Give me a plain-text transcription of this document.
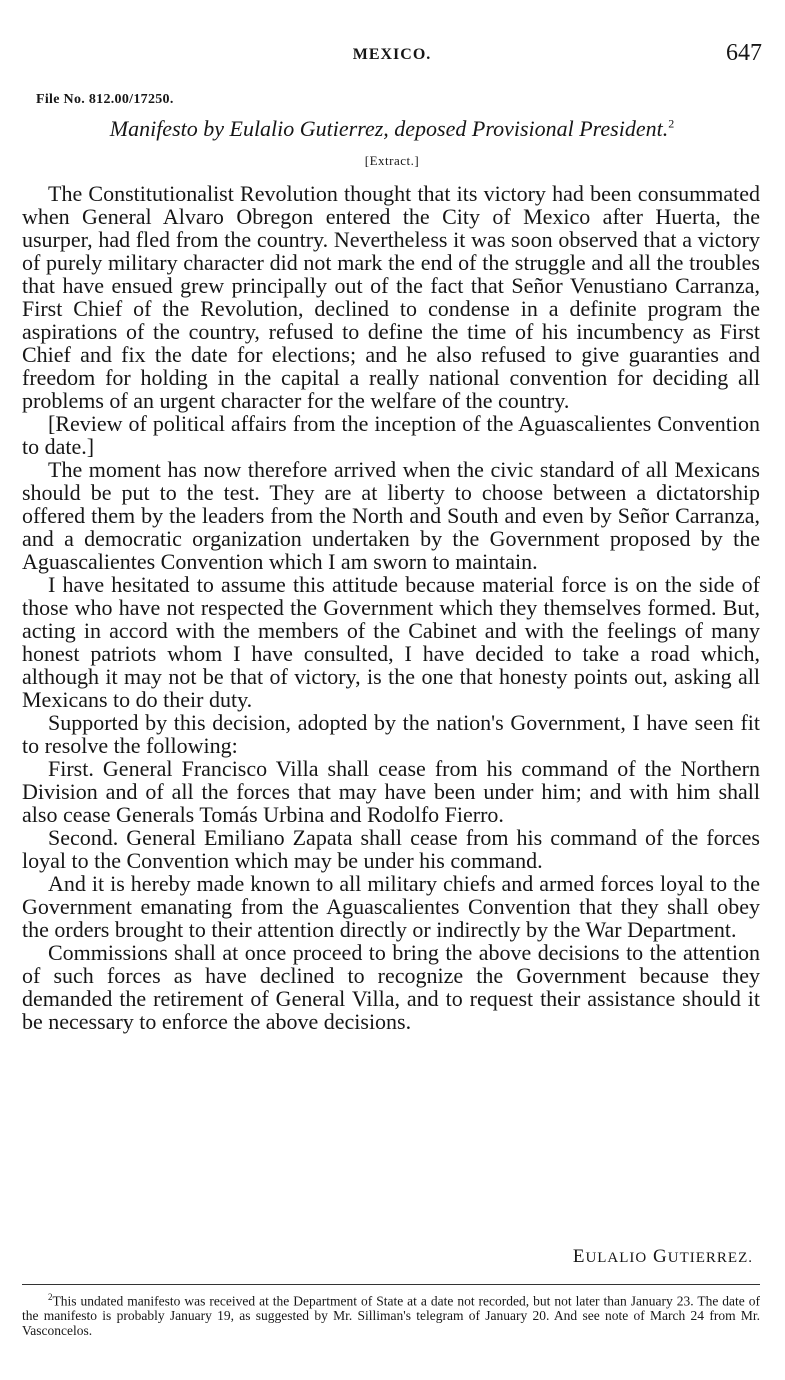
MEXICO.	647
File No. 812.00/17250.
Manifesto by Eulalio Gutierrez, deposed Provisional President.$^2$
[Extract.]

The Constitutionalist Revolution thought that its victory had been consummated when General Alvaro Obregon entered the City of Mexico after Huerta, the usurper, had fled from the country. Nevertheless it was soon observed that a victory of purely military character did not mark the end of the struggle and all the troubles that have ensued grew principally out of the fact that Señor Venustiano Carranza, First Chief of the Revolution, declined to condense in a definite program the aspirations of the country, refused to define the time of his incumbency as First Chief and fix the date for elections; and he also refused to give guaranties and freedom for holding in the capital a really national convention for deciding all problems of an urgent character for the welfare of the country.

[Review of political affairs from the inception of the Aguascalientes Convention to date.]

The moment has now therefore arrived when the civic standard of all Mexicans should be put to the test. They are at liberty to choose between a dictatorship offered them by the leaders from the North and South and even by Señor Carranza, and a democratic organization undertaken by the Government proposed by the Aguascalientes Convention which I am sworn to maintain.

I have hesitated to assume this attitude because material force is on the side of those who have not respected the Government which they themselves formed. But, acting in accord with the members of the Cabinet and with the feelings of many honest patriots whom I have consulted, I have decided to take a road which, although it may not be that of victory, is the one that honesty points out, asking all Mexicans to do their duty.

Supported by this decision, adopted by the nation's Government, I have seen fit to resolve the following:

First. General Francisco Villa shall cease from his command of the Northern Division and of all the forces that may have been under him; and with him shall also cease Generals Tomás Urbina and Rodolfo Fierro.

Second. General Emiliano Zapata shall cease from his command of the forces loyal to the Convention which may be under his command.

And it is hereby made known to all military chiefs and armed forces loyal to the Government emanating from the Aguascalientes Convention that they shall obey the orders brought to their attention directly or indirectly by the War Department.

Commissions shall at once proceed to bring the above decisions to the attention of such forces as have declined to recognize the Government because they demanded the retirement of General Villa, and to request their assistance should it be necessary to enforce the above decisions.

EULALIO GUTIERREZ.

$^2$This undated manifesto was received at the Department of State at a date not recorded, but not later than January 23. The date of the manifesto is probably January 19, as suggested by Mr. Silliman's telegram of January 20. And see note of March 24 from Mr. Vasconcelos.
